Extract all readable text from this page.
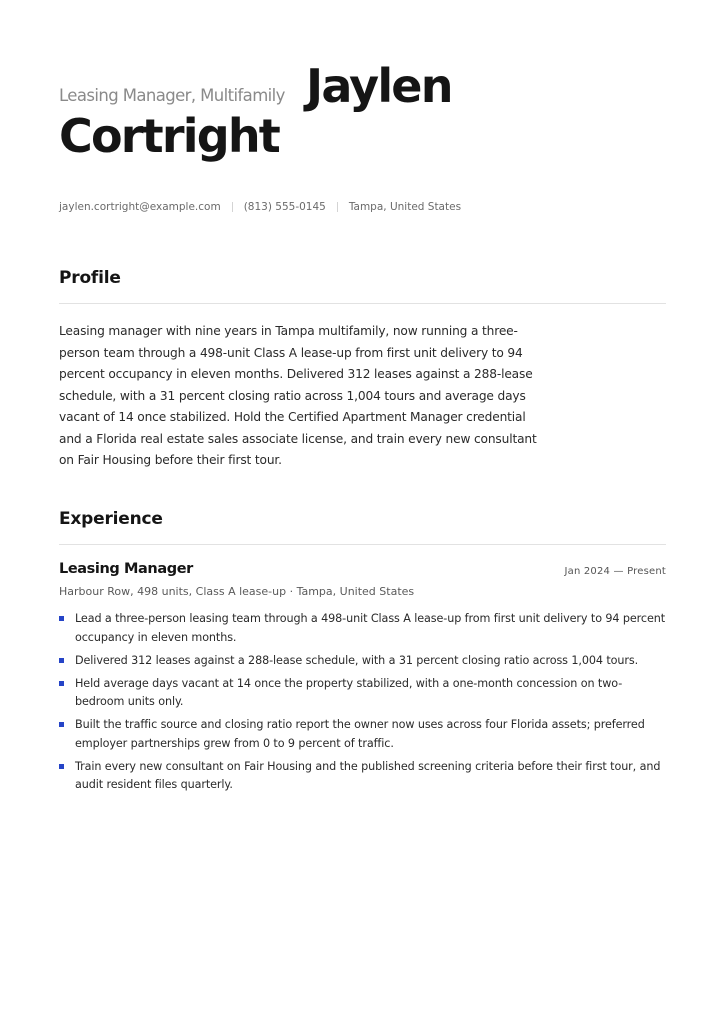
Leasing Manager, Multifamily Jaylen
Cortright
jaylen.cortright@example.com (813) 555-0145 Tampa, United States
Profile
Leasing manager with nine years in Tampa multifamily, now running a three-person team through a 498-unit Class A lease-up from first unit delivery to 94 percent occupancy in eleven months. Delivered 312 leases against a 288-lease schedule, with a 31 percent closing ratio across 1,004 tours and average days vacant of 14 once stabilized. Hold the Certified Apartment Manager credential and a Florida real estate sales associate license, and train every new consultant on Fair Housing before their first tour.
Experience
Leasing Manager	Jan 2024 — Present
Harbour Row, 498 units, Class A lease-up · Tampa, United States
Lead a three-person leasing team through a 498-unit Class A lease-up from first unit delivery to 94 percent occupancy in eleven months.
Delivered 312 leases against a 288-lease schedule, with a 31 percent closing ratio across 1,004 tours.
Held average days vacant at 14 once the property stabilized, with a one-month concession on two-bedroom units only.
Built the traffic source and closing ratio report the owner now uses across four Florida assets; preferred employer partnerships grew from 0 to 9 percent of traffic.
Train every new consultant on Fair Housing and the published screening criteria before their first tour, and audit resident files quarterly.
